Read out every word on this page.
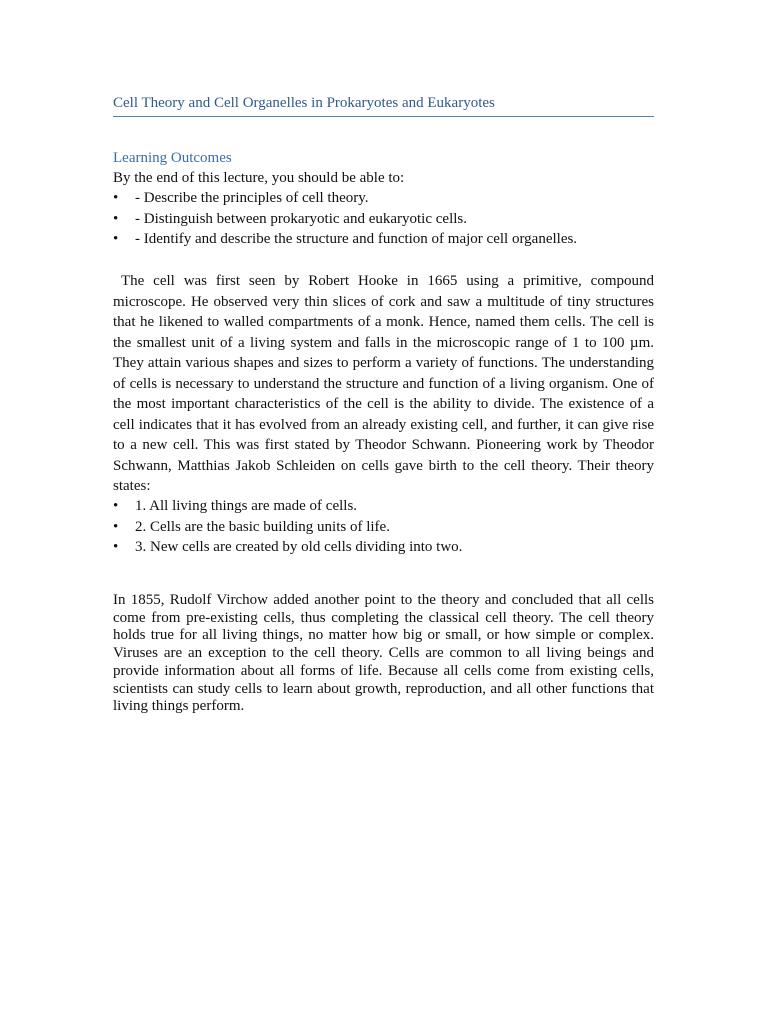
Cell Theory and Cell Organelles in Prokaryotes and Eukaryotes
Learning Outcomes
By the end of this lecture, you should be able to:
•	- Describe the principles of cell theory.
•	- Distinguish between prokaryotic and eukaryotic cells.
•	- Identify and describe the structure and function of major cell organelles.

The cell was first seen by Robert Hooke in 1665 using a primitive, compound microscope. He observed very thin slices of cork and saw a multitude of tiny structures that he likened to walled compartments of a monk. Hence, named them cells. The cell is the smallest unit of a living system and falls in the microscopic range of 1 to 100 µm. They attain various shapes and sizes to perform a variety of functions. The understanding of cells is necessary to understand the structure and function of a living organism. One of the most important characteristics of the cell is the ability to divide. The existence of a cell indicates that it has evolved from an already existing cell, and further, it can give rise to a new cell. This was first stated by Theodor Schwann. Pioneering work by Theodor Schwann, Matthias Jakob Schleiden on cells gave birth to the cell theory. Their theory states:

•	1. All living things are made of cells.
•	2. Cells are the basic building units of life.
•	3. New cells are created by old cells dividing into two.

In 1855, Rudolf Virchow added another point to the theory and concluded that all cells come from pre-existing cells, thus completing the classical cell theory. The cell theory holds true for all living things, no matter how big or small, or how simple or complex. Viruses are an exception to the cell theory. Cells are common to all living beings and provide information about all forms of life. Because all cells come from existing cells, scientists can study cells to learn about growth, reproduction, and all other functions that living things perform.
